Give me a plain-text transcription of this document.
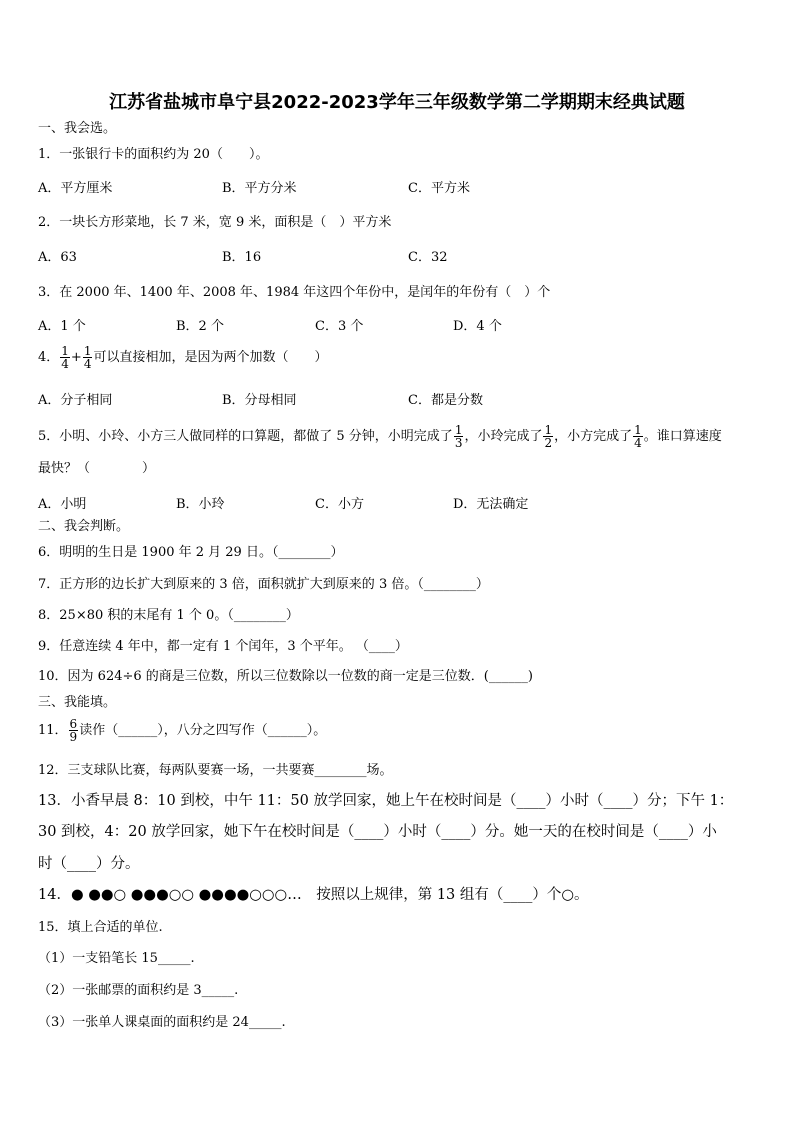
江苏省盐城市阜宁县2022-2023学年三年级数学第二学期期末经典试题
一、我会选。
1．一张银行卡的面积约为 20（　　）。
A．平方厘米	B．平方分米	C．平方米
2．一块长方形菜地，长 7 米，宽 9 米，面积是（　）平方米
A．63	B．16	C．32
3．在 2000 年、1400 年、2008 年、1984 年这四个年份中，是闰年的年份有（　）个
A．1 个	B．2 个	C．3 个	D．4 个
4． $\frac{1}{4} + \frac{1}{4}$ 可以直接相加，是因为两个加数（　　）
A．分子相同	B．分母相同	C．都是分数
5．小明、小玲、小方三人做同样的口算题，都做了 5 分钟，小明完成了 $\frac{1}{3}$ ，小玲完成了 $\frac{1}{2}$ ，小方完成了 $\frac{1}{4}$ 。谁口算速度
最快？（　　　　）
A．小明	B．小玲	C．小方	D．无法确定
二、我会判断。
6．明明的生日是 1900 年 2 月 29 日。（________）
7．正方形的边长扩大到原来的 3 倍，面积就扩大到原来的 3 倍。（________）
8．25×80 积的末尾有 1 个 0。（________）
9．任意连续 4 年中，都一定有 1 个闰年，3 个平年。 （____）
10．因为 624÷6 的商是三位数，所以三位数除以一位数的商一定是三位数．(______)
三、我能填。
11． $\frac{6}{9}$ 读作（______），八分之四写作（______）。
12．三支球队比赛，每两队要赛一场，一共要赛________场。
13．小香早晨 8：10 到校，中午 11：50 放学回家，她上午在校时间是（____）小时（____）分；下午 1：
30 到校，4：20 放学回家，她下午在校时间是（____）小时（____）分。她一天的在校时间是（____）小
时（____）分。
14．● ●●○ ●●●○○ ●●●●○○○…　按照以上规律，第 13 组有（____）个○。
15．填上合适的单位.
（1）一支铅笔长 15_____.
（2）一张邮票的面积约是 3_____.
（3）一张单人课桌面的面积约是 24_____.
